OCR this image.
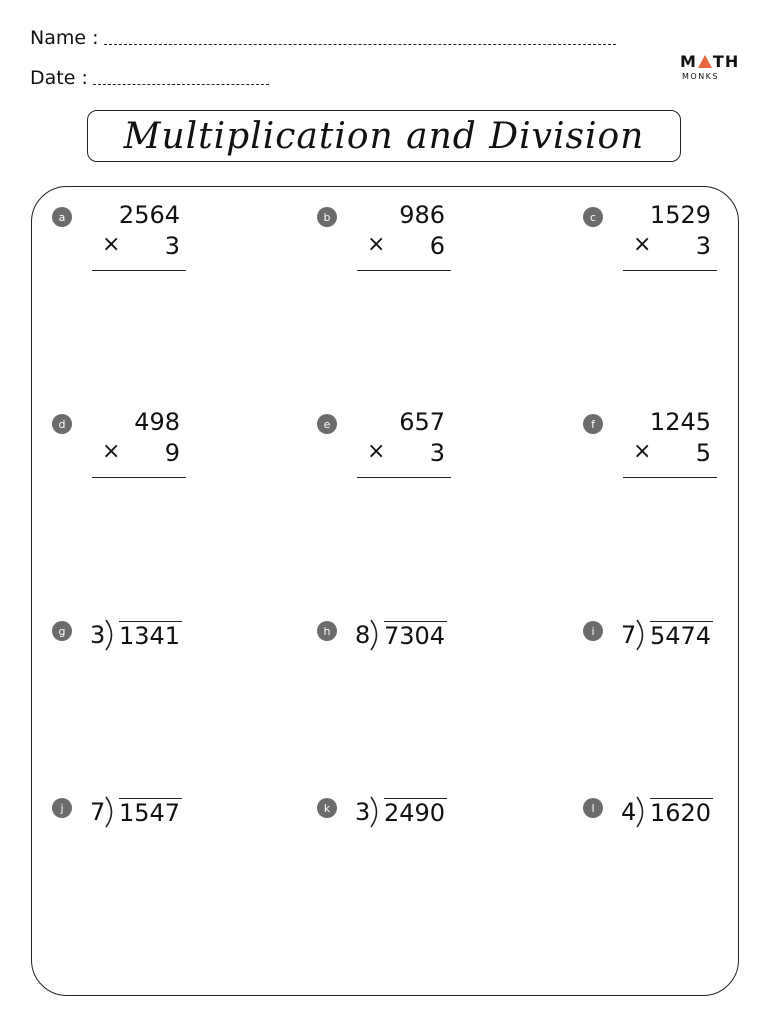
Name :
Date :
M TH
MONKS
Multiplication and Division
a 2564
× 3
b	986
× 6
c 1529
× 3
d	498
× 9
e	657
× 3
f	1245
× 5
g 3 1341	h 8 7304	i	7 5474
j	7 1547	k 3 2490	l	4 1620
